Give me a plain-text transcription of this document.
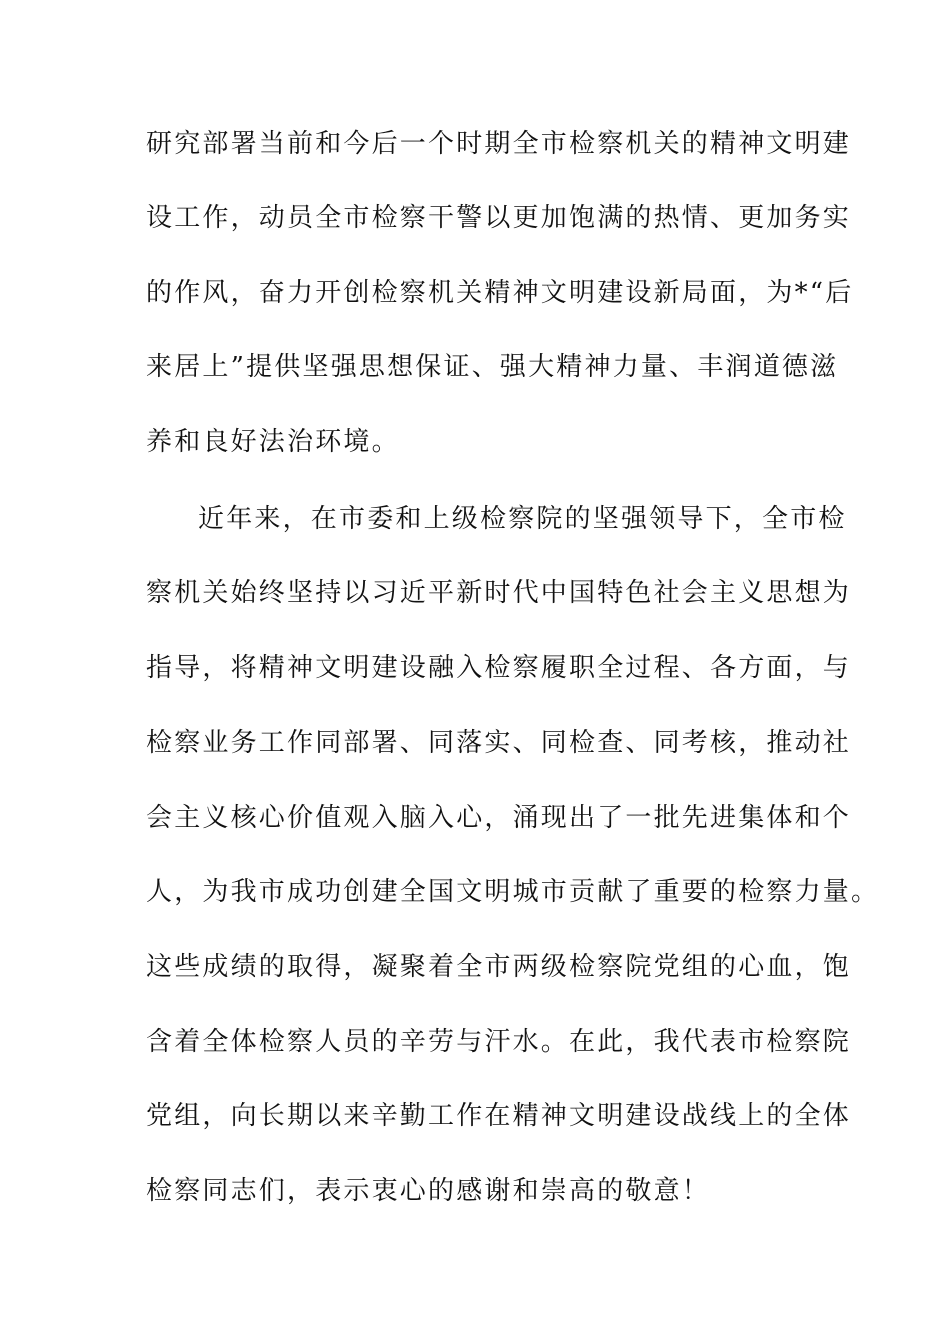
研究部署当前和今后一个时期全市检察机关的精神文明建
设工作，动员全市检察干警以更加饱满的热情、更加务实
的作风，奋力开创检察机关精神文明建设新局面，为*“后
来居上”提供坚强思想保证、强大精神力量、丰润道德滋
养和良好法治环境。
近年来，在市委和上级检察院的坚强领导下，全市检
察机关始终坚持以习近平新时代中国特色社会主义思想为
指导，将精神文明建设融入检察履职全过程、各方面，与
检察业务工作同部署、同落实、同检查、同考核，推动社
会主义核心价值观入脑入心，涌现出了一批先进集体和个
人，为我市成功创建全国文明城市贡献了重要的检察力量。
这些成绩的取得，凝聚着全市两级检察院党组的心血，饱
含着全体检察人员的辛劳与汗水。在此，我代表市检察院
党组，向长期以来辛勤工作在精神文明建设战线上的全体
检察同志们，表示衷心的感谢和崇高的敬意！
